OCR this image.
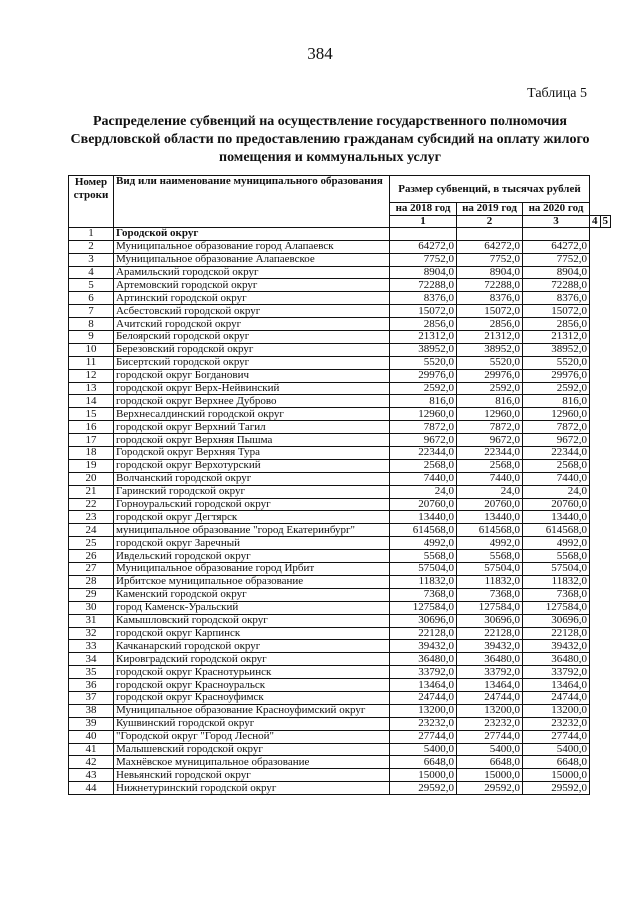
384
Таблица 5
Распределение субвенций на осуществление государственного полномочия Свердловской области по предоставлению гражданам субсидий на оплату жилого помещения и коммунальных услуг
Номер строки	Вид или наименование муниципального образования	Размер субвенций, в тысячах рублей				
		на 2018 год	на 2019 год	на 2020 год		
		1	2	3	4	5
1	Городской округ					
2	Муниципальное образование город Алапаевск	64272,0	64272,0	64272,0		
3	Муниципальное образование Алапаевское	7752,0	7752,0	7752,0		
4	Арамильский городской округ	8904,0	8904,0	8904,0		
5	Артемовский городской округ	72288,0	72288,0	72288,0		
6	Артинский городской округ	8376,0	8376,0	8376,0		
7	Асбестовский городской округ	15072,0	15072,0	15072,0		
8	Ачитский городской округ	2856,0	2856,0	2856,0		
9	Белоярский городской округ	21312,0	21312,0	21312,0		
10	Березовский городской округ	38952,0	38952,0	38952,0		
11	Бисертский городской округ	5520,0	5520,0	5520,0		
12	городской округ Богданович	29976,0	29976,0	29976,0		
13	городской округ Верх-Нейвинский	2592,0	2592,0	2592,0		
14	городской округ Верхнее Дуброво	816,0	816,0	816,0		
15	Верхнесалдинский городской округ	12960,0	12960,0	12960,0		
16	городской округ Верхний Тагил	7872,0	7872,0	7872,0		
17	городской округ Верхняя Пышма	9672,0	9672,0	9672,0		
18	Городской округ Верхняя Тура	22344,0	22344,0	22344,0		
19	городской округ Верхотурский	2568,0	2568,0	2568,0		
20	Волчанский городской округ	7440,0	7440,0	7440,0		
21	Гаринский городской округ	24,0	24,0	24,0		
22	Горноуральский городской округ	20760,0	20760,0	20760,0		
23	городской округ Дегтярск	13440,0	13440,0	13440,0		
24	муниципальное образование "город Екатеринбург"	614568,0	614568,0	614568,0		
25	городской округ Заречный	4992,0	4992,0	4992,0		
26	Ивдельский городской округ	5568,0	5568,0	5568,0		
27	Муниципальное образование город Ирбит	57504,0	57504,0	57504,0		
28	Ирбитское муниципальное образование	11832,0	11832,0	11832,0		
29	Каменский городской округ	7368,0	7368,0	7368,0		
30	город Каменск-Уральский	127584,0	127584,0	127584,0		
31	Камышловский городской округ	30696,0	30696,0	30696,0		
32	городской округ Карпинск	22128,0	22128,0	22128,0		
33	Качканарский городской округ	39432,0	39432,0	39432,0		
34	Кировградский городской округ	36480,0	36480,0	36480,0		
35	городской округ Краснотурьинск	33792,0	33792,0	33792,0		
36	городской округ Красноуральск	13464,0	13464,0	13464,0		
37	городской округ Красноуфимск	24744,0	24744,0	24744,0		
38	Муниципальное образование Красноуфимский округ	13200,0	13200,0	13200,0		
39	Кушвинский городской округ	23232,0	23232,0	23232,0		
40	"Городской округ "Город Лесной"	27744,0	27744,0	27744,0		
41	Малышевский городской округ	5400,0	5400,0	5400,0		
42	Махнёвское муниципальное образование	6648,0	6648,0	6648,0		
43	Невьянский городской округ	15000,0	15000,0	15000,0		
44	Нижнетуринский городской округ	29592,0	29592,0	29592,0		
